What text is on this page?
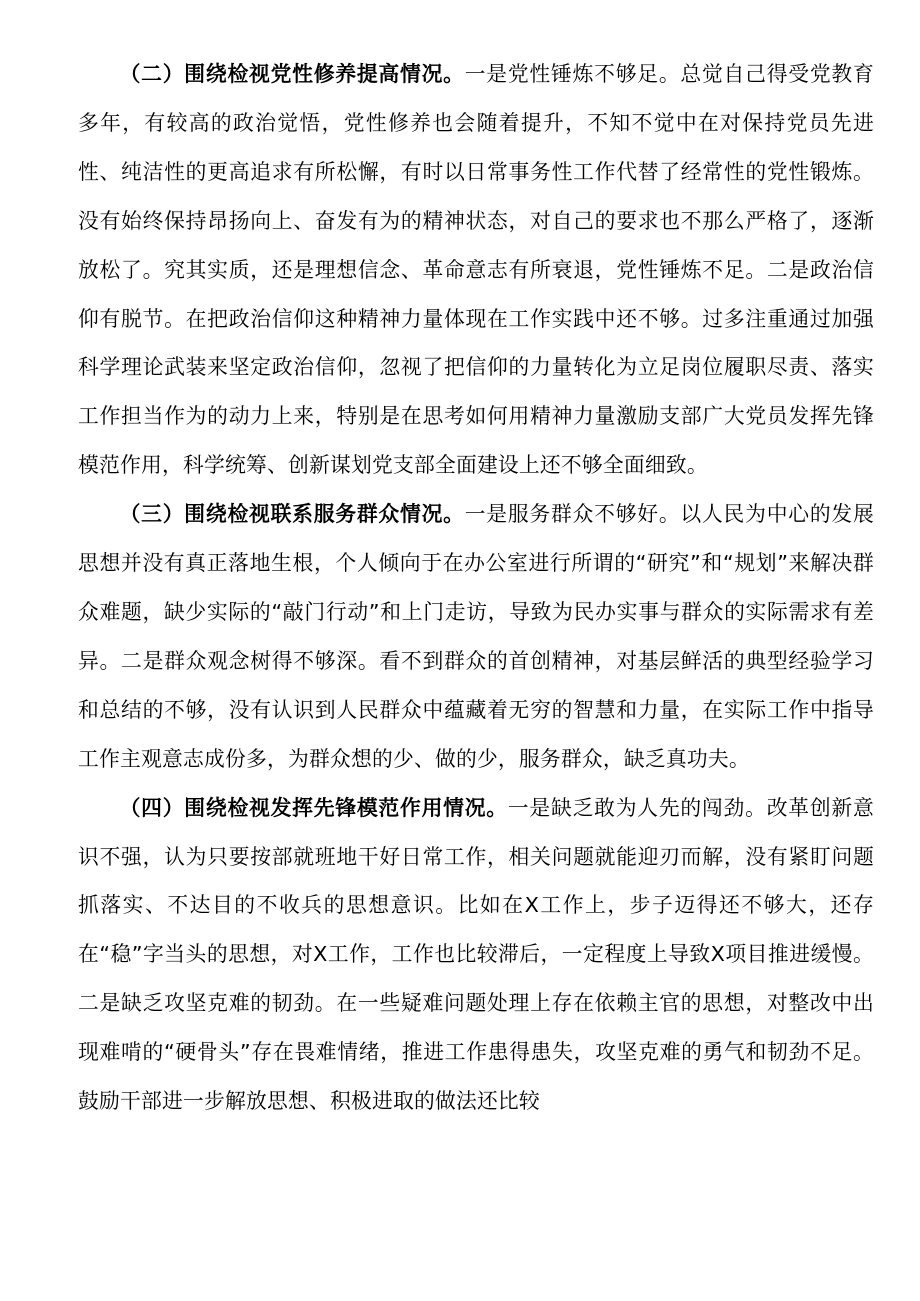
（二）围绕检视党性修养提高情况。一是党性锤炼不够足。总觉自己得受党教育多年，有较高的政治觉悟，党性修养也会随着提升，不知不觉中在对保持党员先进性、纯洁性的更高追求有所松懈，有时以日常事务性工作代替了经常性的党性锻炼。没有始终保持昂扬向上、奋发有为的精神状态，对自己的要求也不那么严格了，逐渐放松了。究其实质，还是理想信念、革命意志有所衰退，党性锤炼不足。二是政治信仰有脱节。在把政治信仰这种精神力量体现在工作实践中还不够。过多注重通过加强科学理论武装来坚定政治信仰，忽视了把信仰的力量转化为立足岗位履职尽责、落实工作担当作为的动力上来，特别是在思考如何用精神力量激励支部广大党员发挥先锋模范作用，科学统筹、创新谋划党支部全面建设上还不够全面细致。

（三）围绕检视联系服务群众情况。一是服务群众不够好。以人民为中心的发展思想并没有真正落地生根，个人倾向于在办公室进行所谓的“研究”和“规划”来解决群众难题，缺少实际的“敲门行动”和上门走访，导致为民办实事与群众的实际需求有差异。二是群众观念树得不够深。看不到群众的首创精神，对基层鲜活的典型经验学习和总结的不够，没有认识到人民群众中蕴藏着无穷的智慧和力量，在实际工作中指导工作主观意志成份多，为群众想的少、做的少，服务群众，缺乏真功夫。

（四）围绕检视发挥先锋模范作用情况。一是缺乏敢为人先的闯劲。改革创新意识不强，认为只要按部就班地干好日常工作，相关问题就能迎刃而解，没有紧盯问题抓落实、不达目的不收兵的思想意识。比如在X工作上，步子迈得还不够大，还存在“稳”字当头的思想，对X工作，工作也比较滞后，一定程度上导致X项目推进缓慢。二是缺乏攻坚克难的韧劲。在一些疑难问题处理上存在依赖主官的思想，对整改中出现难啃的“硬骨头”存在畏难情绪，推进工作患得患失，攻坚克难的勇气和韧劲不足。鼓励干部进一步解放思想、积极进取的做法还比较
